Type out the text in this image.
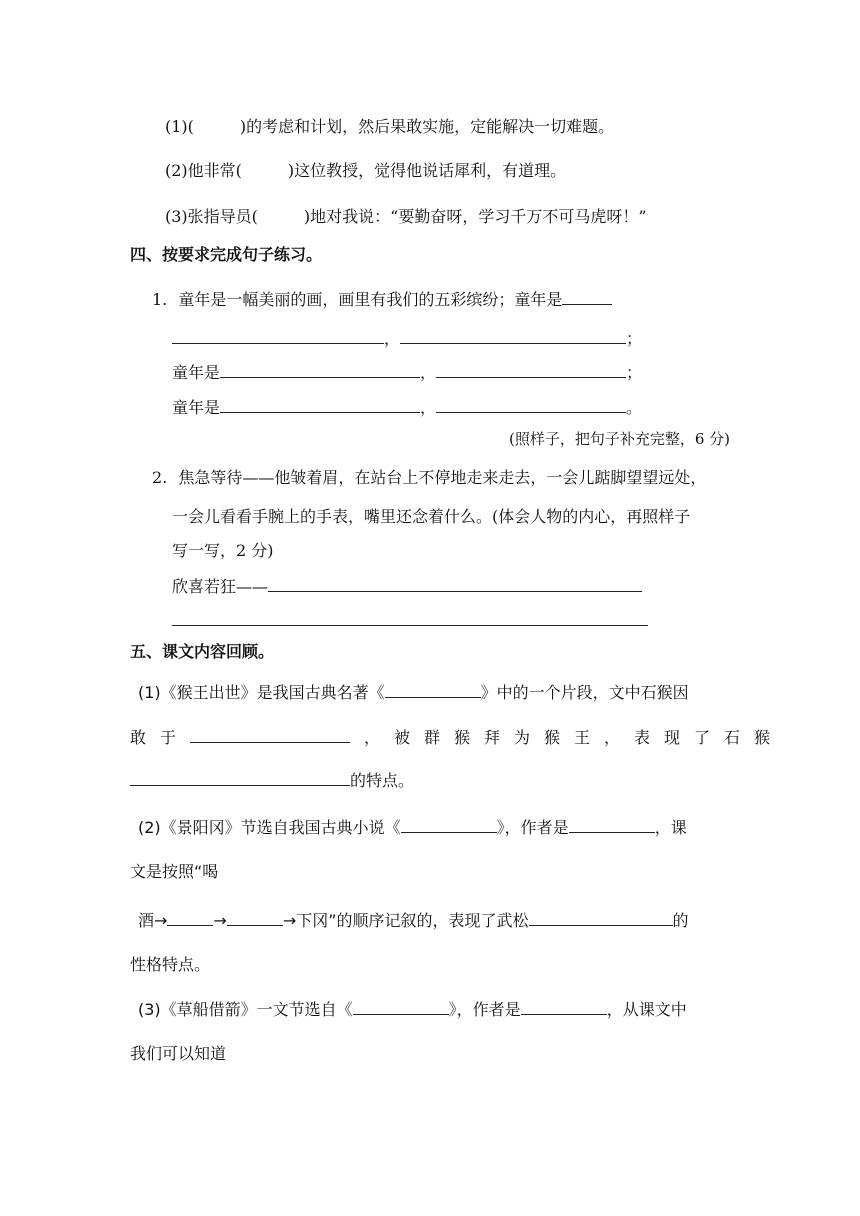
(1)(	)的考虑和计划，然后果敢实施，定能解决一切难题。
(2)他非常(	)这位教授，觉得他说话犀利，有道理。
(3)张指导员(	)地对我说：“要勤奋呀，学习千万不可马虎呀！”
四、按要求完成句子练习。
1. 童年是一幅美丽的画，画里有我们的五彩缤纷；童年是
，	；
童年是	，	；
童年是	，	。
(照样子，把句子补充完整，6 分)
2. 焦急等待——他皱着眉，在站台上不停地走来走去，一会儿踮脚望望远处，
一会儿看看手腕上的手表，嘴里还念着什么。(体会人物的内心，再照样子
写一写，2 分)
欣喜若狂——
五、课文内容回顾。
(1)《猴王出世》是我国古典名著《	》中的一个片段，文中石猴因
敢于	，被群猴拜为猴王，表现了石猴
的特点。
(2)《景阳冈》节选自我国古典小说《	》，作者是	，课
文是按照“喝
酒→	→	→下冈”的顺序记叙的，表现了武松	的
性格特点。
(3)《草船借箭》一文节选自《	》，作者是	，从课文中
我们可以知道
